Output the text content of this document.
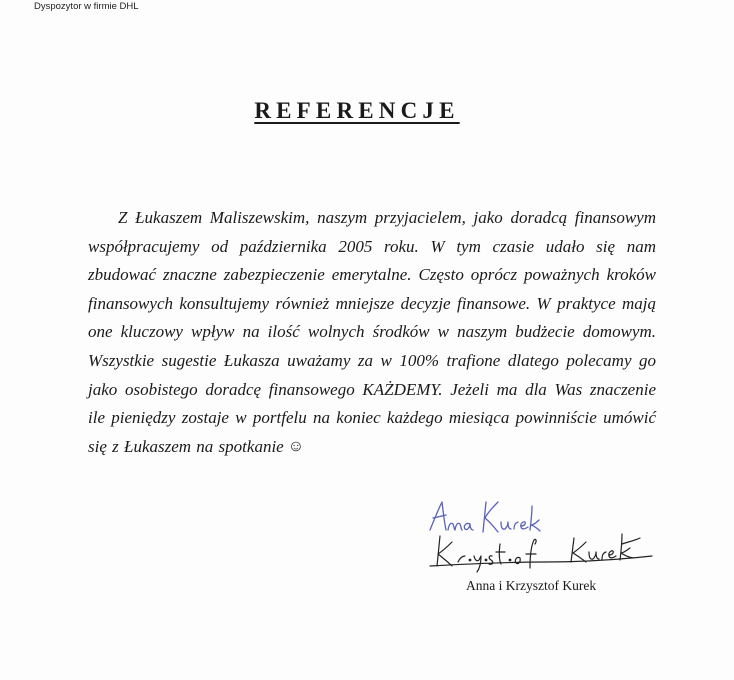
Dyspozytor w firmie DHL
REFERENCJE
Z Łukaszem Maliszewskim, naszym przyjacielem, jako doradcą finansowym współpracujemy od października 2005 roku. W tym czasie udało się nam zbudować znaczne zabezpieczenie emerytalne. Często oprócz poważnych kroków finansowych konsultujemy również mniejsze decyzje finansowe. W praktyce mają one kluczowy wpływ na ilość wolnych środków w naszym budżecie domowym. Wszystkie sugestie Łukasza uważamy za w 100% trafione dlatego polecamy go jako osobistego doradcę finansowego KAŻDEMY. Jeżeli ma dla Was znaczenie ile pieniędzy zostaje w portfelu na koniec każdego miesiąca powinniście umówić się z Łukaszem na spotkanie ☺
Anna i Krzysztof Kurek
